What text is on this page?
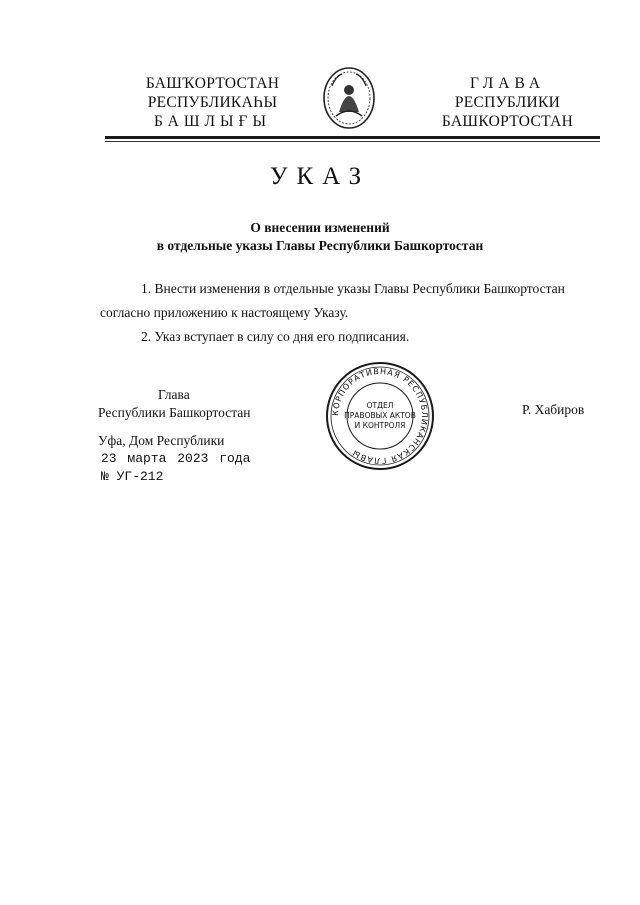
БАШҠОРТОСТАН
РЕСПУБЛИКАҺЫ
БАШЛЫҒЫ
ГЛАВА
РЕСПУБЛИКИ
БАШКОРТОСТАН
УКАЗ
О внесении изменений
в отдельные указы Главы Республики Башкортостан
1. Внести изменения в отдельные указы Главы Республики Башкортостан
согласно приложению к настоящему Указу.
2. Указ вступает в силу со дня его подписания.
Глава
Республики Башкортостан	Р. Хабиров
КОРПОРАТИВНАЯ РЕСПУБЛИКАНСКАЯ ГЛАВЫ
ОТДЕЛ
ПРАВОВЫХ АКТОВ
И КОНТРОЛЯ
Уфа, Дом Республики
23 марта 2023 года
№ УГ-212
